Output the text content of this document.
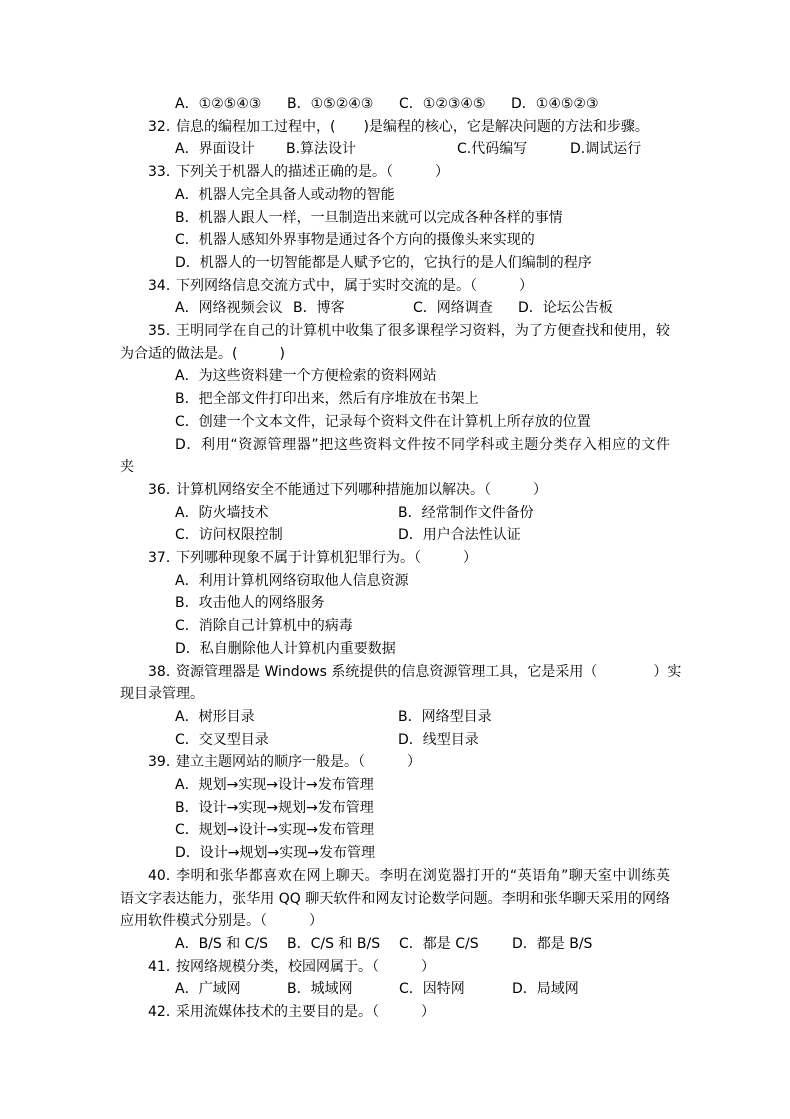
A．①②⑤④③ B．①⑤②④③ C．①②③④⑤ D．①④⑤②③
32．
信息的编程加工过程中，(　　)是编程的核心，它是解决问题的方法和步骤。
A．界面设计 B.算法设计	C.代码编写	D.调试运行
33．
下列关于机器人的描述正确的是。（　　　）
A．机器人完全具备人或动物的智能
B．机器人跟人一样，一旦制造出来就可以完成各种各样的事情
C．机器人感知外界事物是通过各个方向的摄像头来实现的
D．机器人的一切智能都是人赋予它的，它执行的是人们编制的程序
34．
下列网络信息交流方式中，属于实时交流的是。（　　　）
A．网络视频会议 B．博客	C．网络调查 D．论坛公告板
35．
王明同学在自己的计算机中收集了很多课程学习资料，为了方便查找和使用，较
为合适的做法是。(　　　)
A．为这些资料建一个方便检索的资料网站
B．把全部文件打印出来，然后有序堆放在书架上
C．创建一个文本文件，记录每个资料文件在计算机上所存放的位置
D．利用“资源管理器”把这些资料文件按不同学科或主题分类存入相应的文件
夹
36．
计算机网络安全不能通过下列哪种措施加以解决。（　　　）
A．防火墙技术	B．经常制作文件备份
C．访问权限控制	D．用户合法性认证
37．
下列哪种现象不属于计算机犯罪行为。（　　　）
A．利用计算机网络窃取他人信息资源
B．攻击他人的网络服务
C．消除自己计算机中的病毒
D．私自删除他人计算机内重要数据
38．
资源管理器是 Windows 系统提供的信息资源管理工具，它是采用（　　　　）实
现目录管理。
A．树形目录	B．网络型目录
C．交叉型目录	D．线型目录
39．
建立主题网站的顺序一般是。（　　　）
A．规划→实现→设计→发布管理
B．设计→实现→规划→发布管理
C．规划→设计→实现→发布管理
D．设计→规划→实现→发布管理
40．
李明和张华都喜欢在网上聊天。李明在浏览器打开的“英语角”聊天室中训练英
语文字表达能力，张华用 QQ 聊天软件和网友讨论数学问题。李明和张华聊天采用的网络
应用软件模式分别是。（　　　）
A．B/S 和 C/S B．C/S 和 B/S C．都是 C/S D．都是 B/S
41．
按网络规模分类，校园网属于。（　　　）
A．广域网	B．城域网	C．因特网	D．局域网
42．
采用流媒体技术的主要目的是。（　　　）
